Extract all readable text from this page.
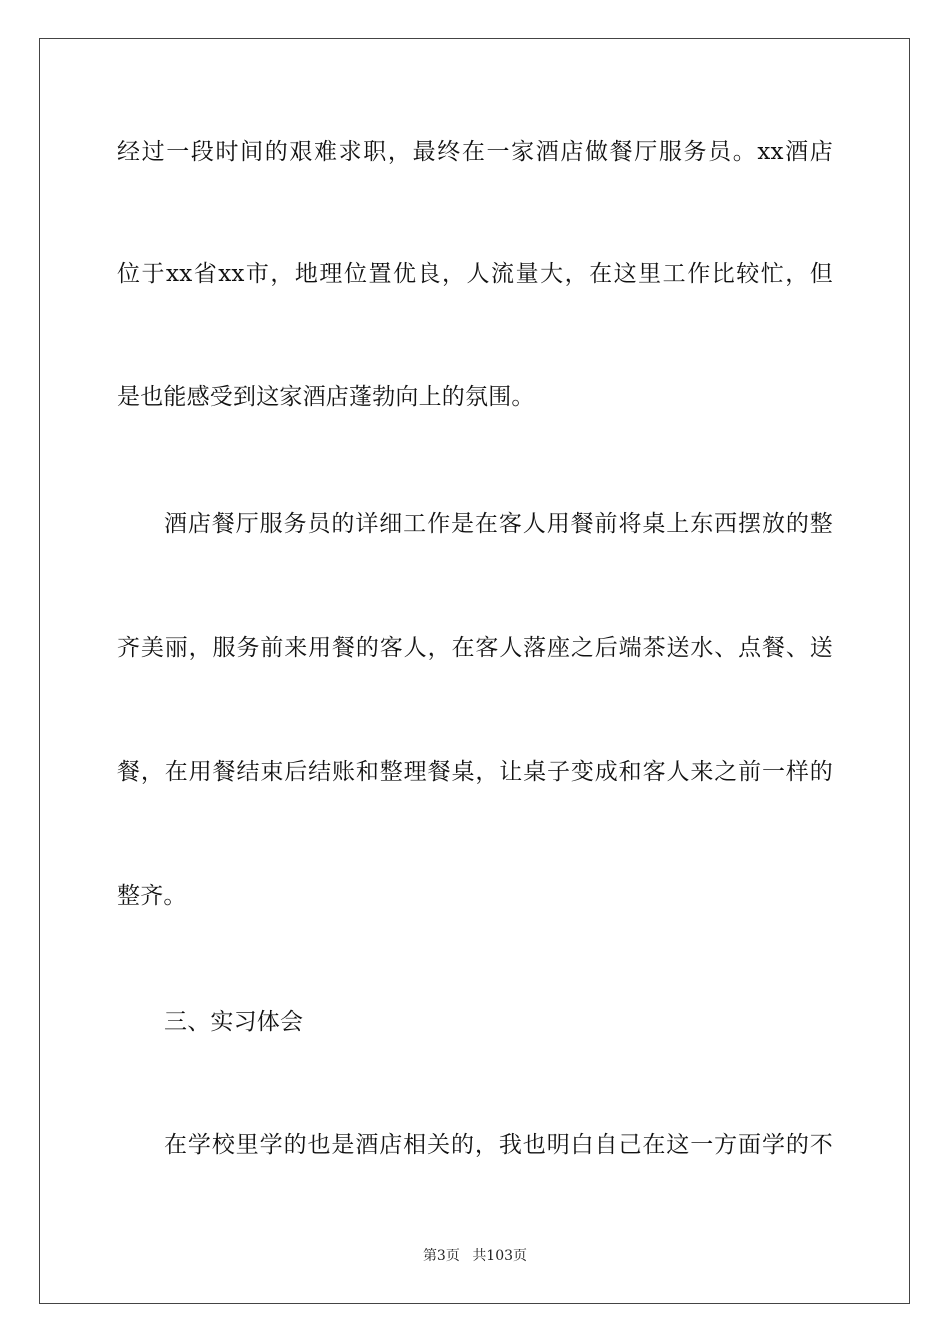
经过一段时间的艰难求职，最终在一家酒店做餐厅服务员。xx酒店
位于xx省xx市，地理位置优良，人流量大，在这里工作比较忙，但
是也能感受到这家酒店蓬勃向上的氛围。
酒店餐厅服务员的详细工作是在客人用餐前将桌上东西摆放的整
齐美丽，服务前来用餐的客人，在客人落座之后端茶送水、点餐、送
餐，在用餐结束后结账和整理餐桌，让桌子变成和客人来之前一样的
整齐。
三、实习体会
在学校里学的也是酒店相关的，我也明白自己在这一方面学的不
第3页 共103页
